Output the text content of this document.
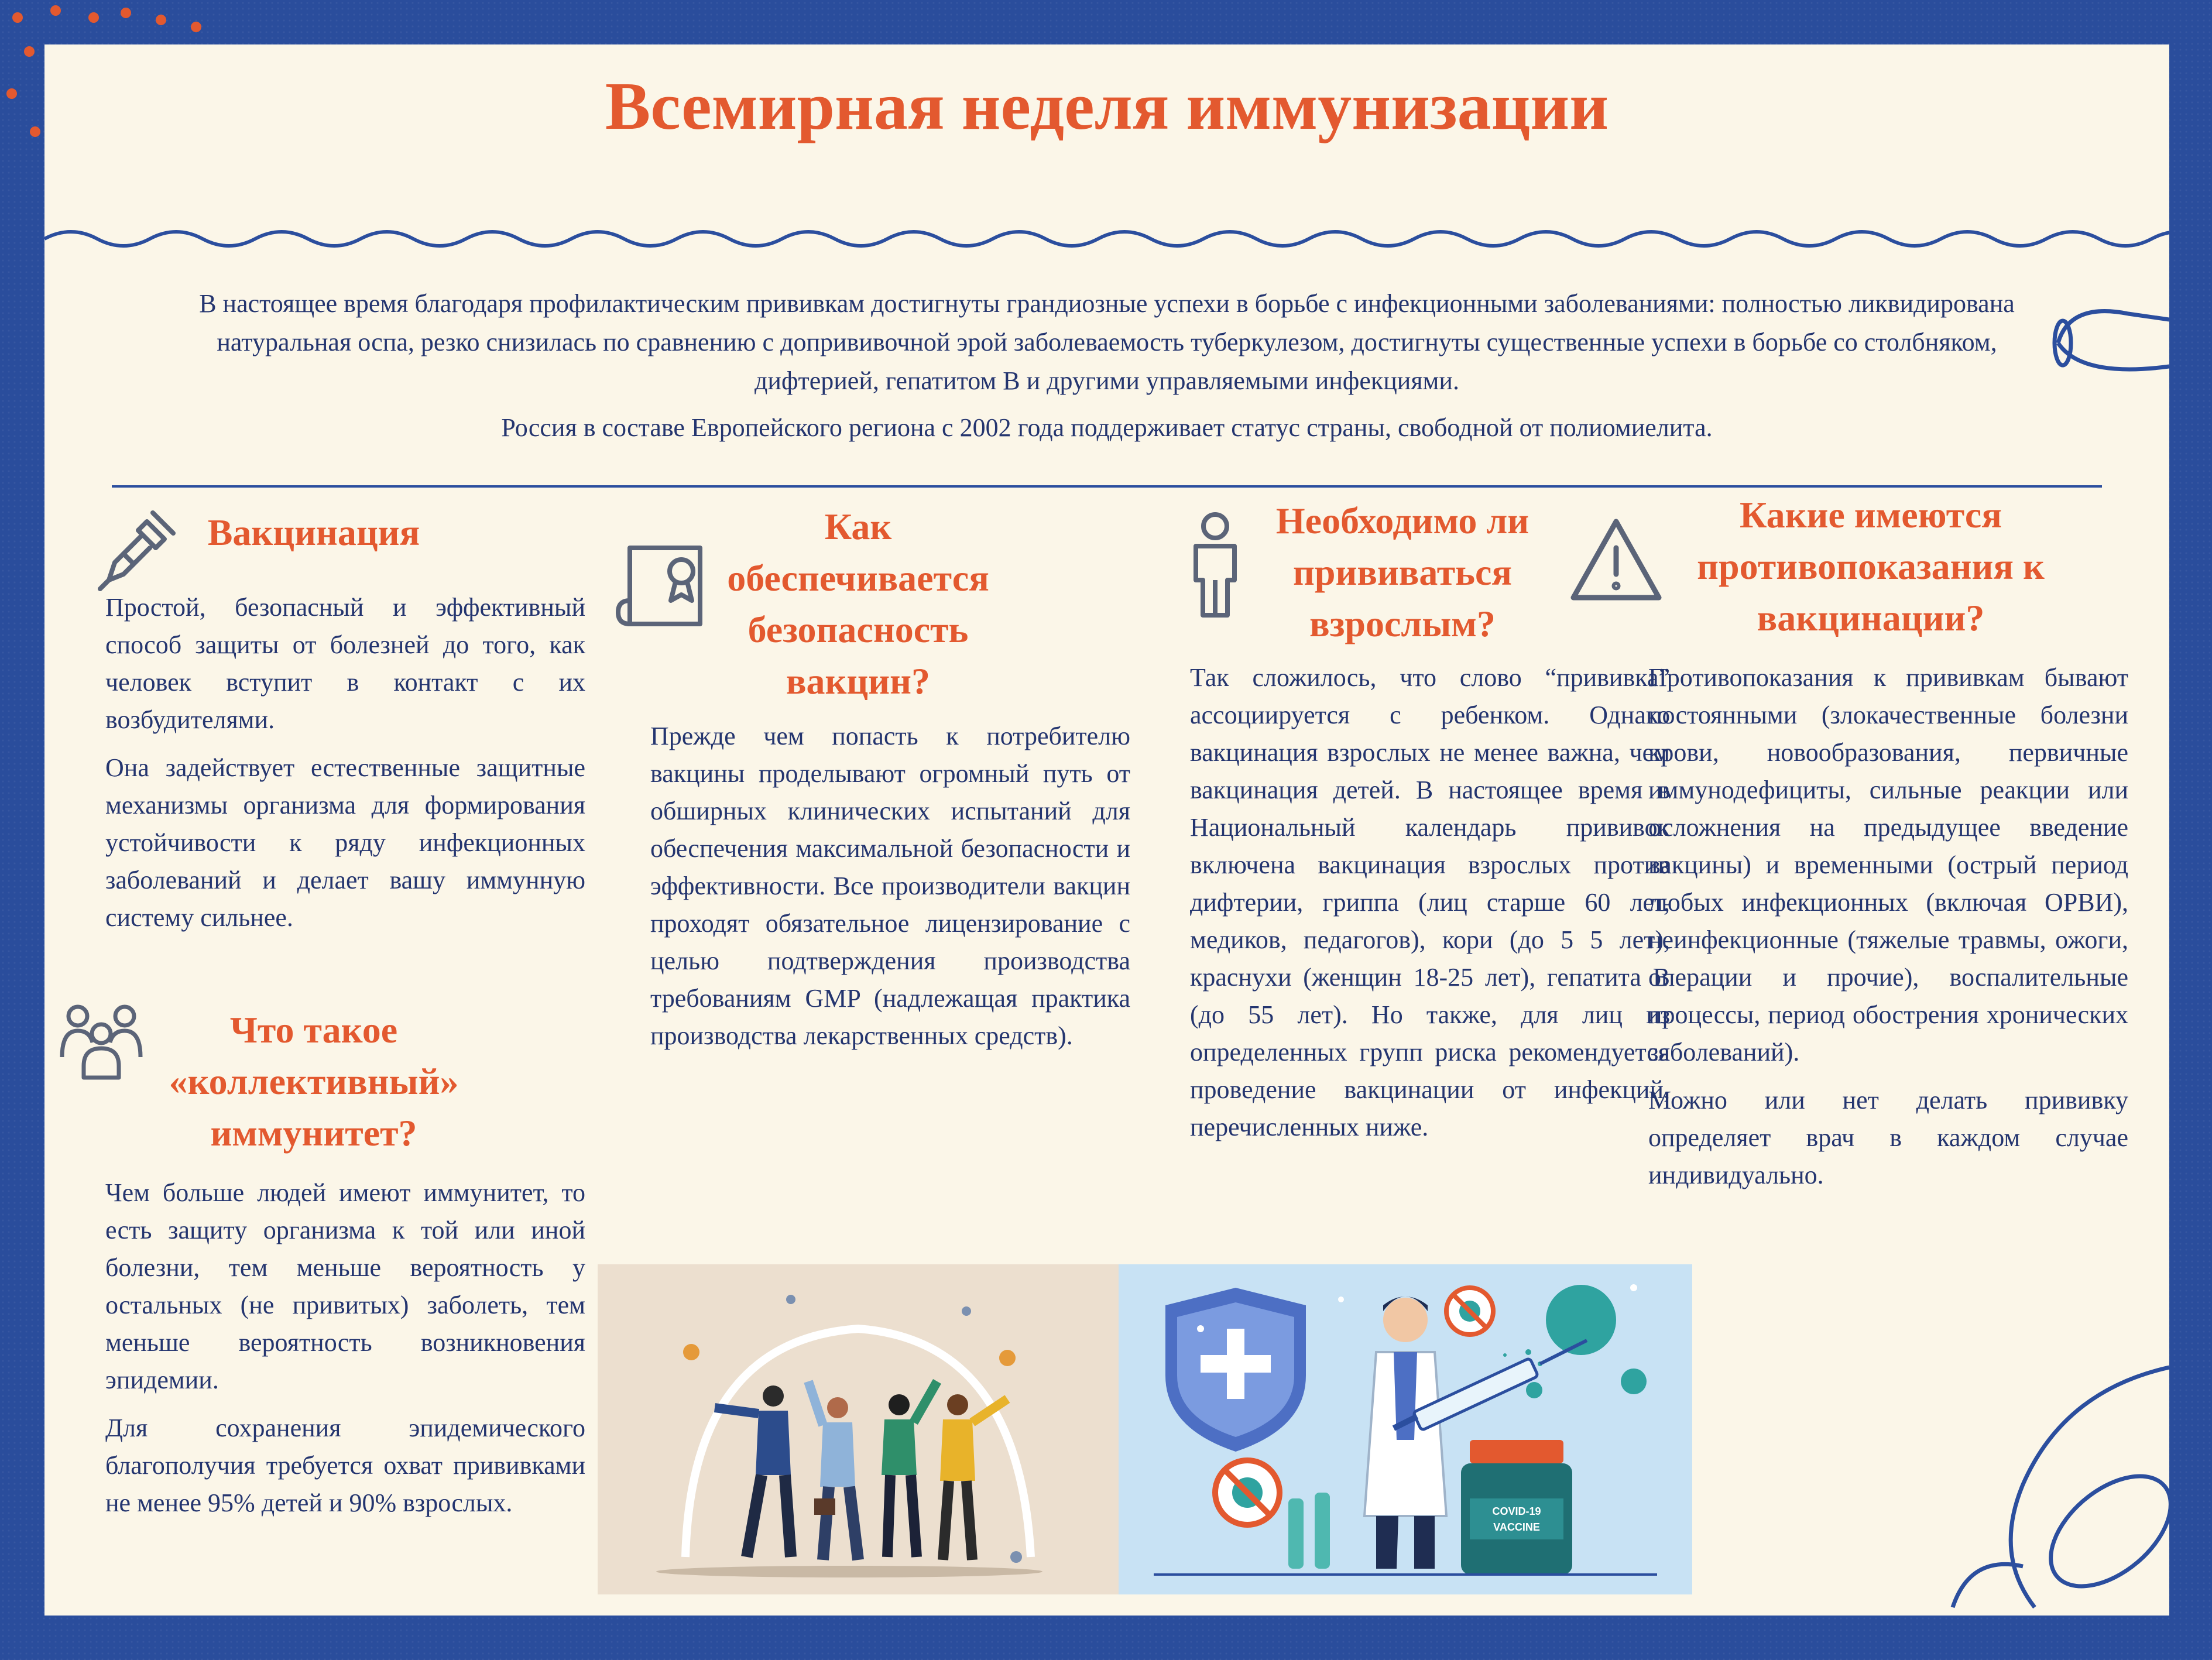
Всемирная неделя иммунизации

В настоящее время благодаря профилактическим прививкам достигнуты грандиозные успехи в борьбе с инфекционными заболеваниями: полностью ликвидирована натуральная оспа, резко снизилась по сравнению с допрививочной эрой заболеваемость туберкулезом, достигнуты существенные успехи в борьбе со столбняком, дифтерией, гепатитом В и другими управляемыми инфекциями.

Россия в составе Европейского региона с 2002 года поддерживает статус страны, свободной от полиомиелита.

Вакцинация

Простой, безопасный и эффективный способ защиты от болезней до того, как человек вступит в контакт с их возбудителями.

Она задействует естественные защитные механизмы организма для формирования устойчивости к ряду инфекционных заболеваний и делает вашу иммунную систему сильнее.

Что такое «коллективный» иммунитет?

Чем больше людей имеют иммунитет, то есть защиту организма к той или иной болезни, тем меньше вероятность у остальных (не привитых) заболеть, тем меньше вероятность возникновения эпидемии.

Для сохранения эпидемического благополучия требуется охват прививками не менее 95% детей и 90% взрослых.

Как обеспечивается безопасность вакцин?

Прежде чем попасть к потребителю вакцины проделывают огромный путь от обширных клинических испытаний для обеспечения максимальной безопасности и эффективности. Все производители вакцин проходят обязательное лицензирование с целью подтверждения производства требованиям GMP (надлежащая практика производства лекарственных средств).

Необходимо ли прививаться взрослым?

Так сложилось, что слово “прививка” ассоциируется с ребенком. Однако вакцинация взрослых не менее важна, чем вакцинация детей. В настоящее время в Национальный календарь прививок включена вакцинация взрослых против дифтерии, гриппа (лиц старше 60 лет, медиков, педагогов), кори (до 5 5 лет), краснухи (женщин 18-25 лет), гепатита В (до 55 лет). Но также, для лиц из определенных групп риска рекомендуется проведение вакцинации от инфекций, перечисленных ниже.

Какие имеются противопоказания к вакцинации?

Противопоказания к прививкам бывают постоянными (злокачественные болезни крови, новообразования, первичные иммунодефициты, сильные реакции или осложнения на предыдущее введение вакцины) и временными (острый период любых инфекционных (включая ОРВИ), неинфекционные (тяжелые травмы, ожоги, операции и прочие), воспалительные процессы, период обострения хронических заболеваний).

Можно или нет делать прививку определяет врач в каждом случае индивидуально.

COVID-19
VACCINE
